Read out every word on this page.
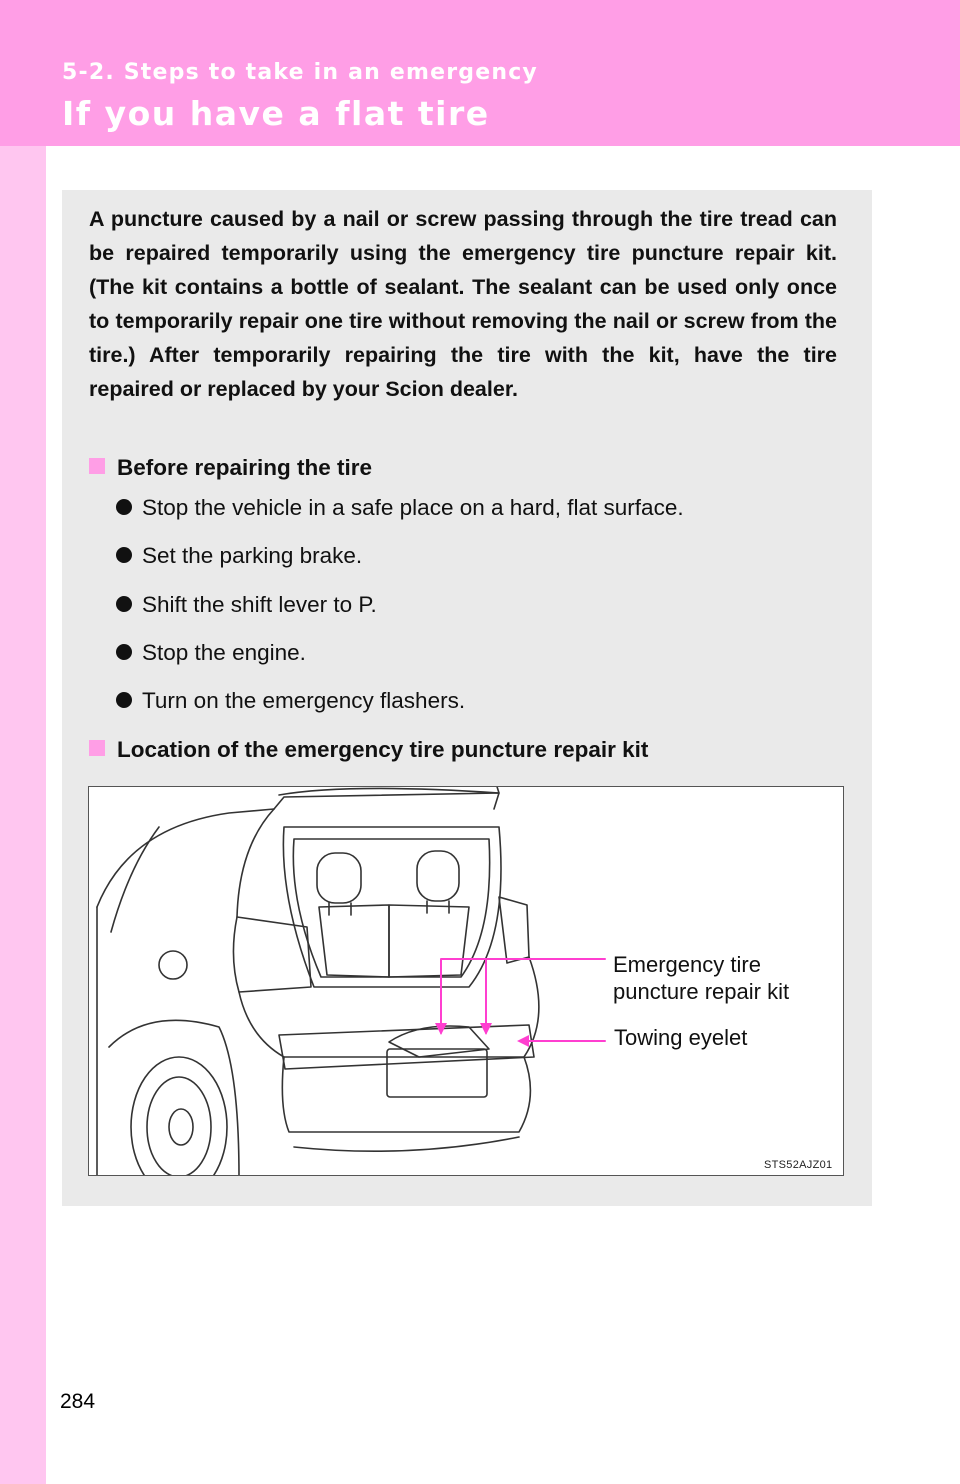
5-2. Steps to take in an emergency
If you have a flat tire

A puncture caused by a nail or screw passing through the tire tread can be repaired temporarily using the emergency tire puncture repair kit. (The kit contains a bottle of sealant. The sealant can be used only once to temporarily repair one tire without removing the nail or screw from the tire.) After temporarily repairing the tire with the kit, have the tire repaired or replaced by your Scion dealer.

Before repairing the tire
Stop the vehicle in a safe place on a hard, flat surface.
Set the parking brake.
Shift the shift lever to P.
Stop the engine.
Turn on the emergency flashers.
Location of the emergency tire puncture repair kit
Emergency tire
puncture repair kit
Towing eyelet
STS52AJZ01
284
